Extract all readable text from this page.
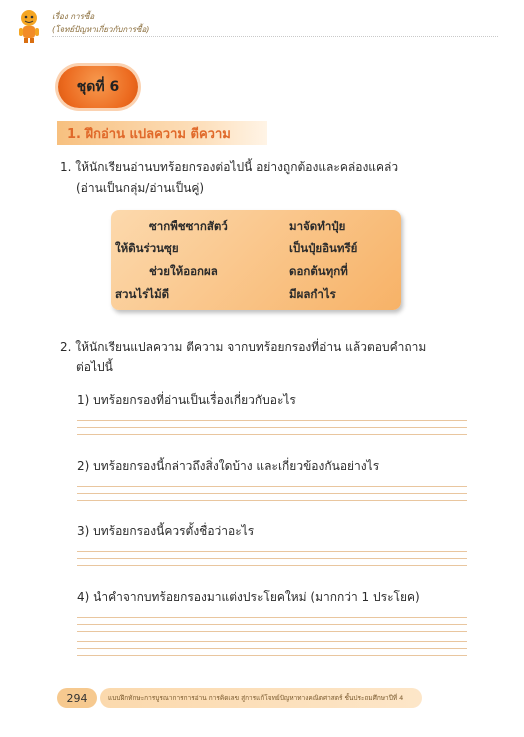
เรื่อง การซื้อ
(โจทย์ปัญหาเกี่ยวกับการซื้อ)
ชุดที่ 6
1. ฝึกอ่าน แปลความ ตีความ
1. ให้นักเรียนอ่านบทร้อยกรองต่อไปนี้ อย่างถูกต้องและคล่องแคล่ว
(อ่านเป็นกลุ่ม/อ่านเป็นคู่)
ซากพืชซากสัตว์	มาจัดทำปุ๋ย
ให้ดินร่วนซุย	เป็นปุ๋ยอินทรีย์
ช่วยให้ออกผล	ดอกต้นทุกที่
สวนไร่ไม้ดี	มีผลกำไร
2. ให้นักเรียนแปลความ ตีความ จากบทร้อยกรองที่อ่าน แล้วตอบคำถาม
ต่อไปนี้
1) บทร้อยกรองที่อ่านเป็นเรื่องเกี่ยวกับอะไร
2) บทร้อยกรองนี้กล่าวถึงสิ่งใดบ้าง และเกี่ยวข้องกันอย่างไร
3) บทร้อยกรองนี้ควรตั้งชื่อว่าอะไร
4) นำคำจากบทร้อยกรองมาแต่งประโยคใหม่ (มากกว่า 1 ประโยค)
294	แบบฝึกทักษะการบูรณาการการอ่าน การคิดเลข สู่การแก้โจทย์ปัญหาทางคณิตศาสตร์ ชั้นประถมศึกษาปีที่ 4
